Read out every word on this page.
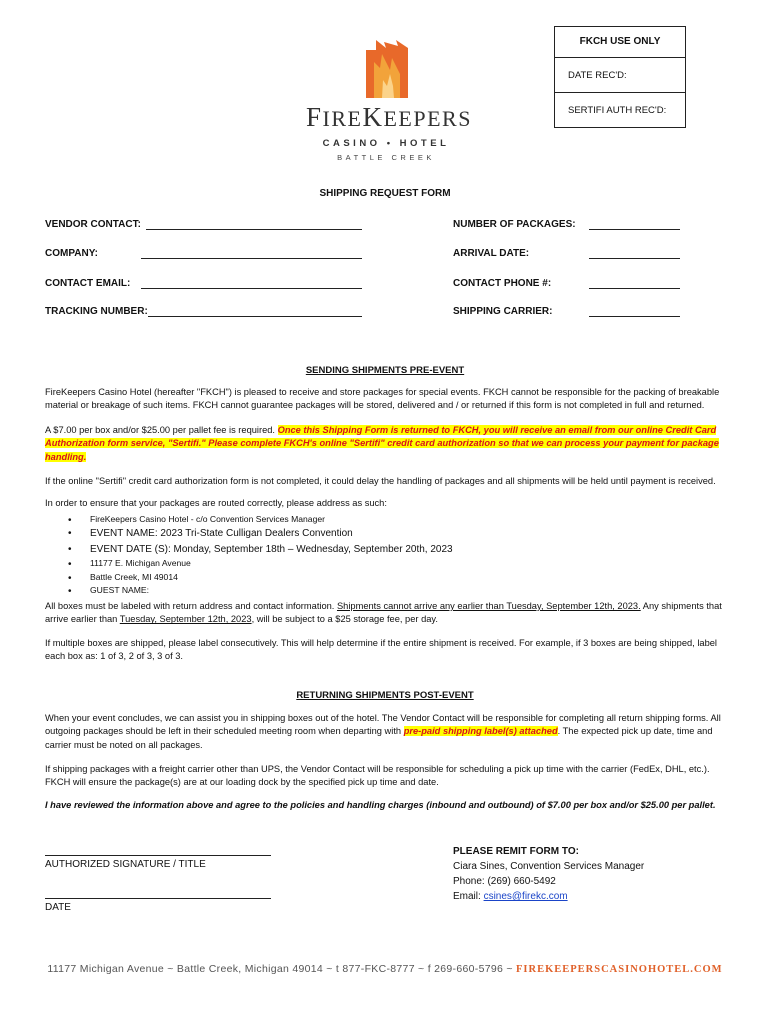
FKCH USE ONLY
DATE REC'D:
SERTIFI AUTH REC'D:
FIREKEEPERS
CASINO • HOTEL
BATTLE CREEK
SHIPPING REQUEST FORM
VENDOR CONTACT:
COMPANY:
CONTACT EMAIL:
TRACKING NUMBER:
NUMBER OF PACKAGES:
ARRIVAL DATE:
CONTACT PHONE #:
SHIPPING CARRIER:
SENDING SHIPMENTS PRE-EVENT
FireKeepers Casino Hotel (hereafter "FKCH") is pleased to receive and store packages for special events. FKCH cannot be responsible for the packing of breakable material or breakage of such items. FKCH cannot guarantee packages will be stored, delivered and / or returned if this form is not completed in full and returned.
A $7.00 per box and/or $25.00 per pallet fee is required. Once this Shipping Form is returned to FKCH, you will receive an email from our online Credit Card Authorization form service, "Sertifi." Please complete FKCH's online "Sertifi" credit card authorization so that we can process your payment for package handling.
If the online "Sertifi" credit card authorization form is not completed, it could delay the handling of packages and all shipments will be held until payment is received.
In order to ensure that your packages are routed correctly, please address as such:
• FireKeepers Casino Hotel - c/o Convention Services Manager
• EVENT NAME: 2023 Tri-State Culligan Dealers Convention
• EVENT DATE (S): Monday, September 18th – Wednesday, September 20th, 2023
• 11177 E. Michigan Avenue
• Battle Creek, MI 49014
• GUEST NAME:
All boxes must be labeled with return address and contact information. Shipments cannot arrive any earlier than Tuesday, September 12th, 2023. Any shipments that arrive earlier than Tuesday, September 12th, 2023, will be subject to a $25 storage fee, per day.
If multiple boxes are shipped, please label consecutively. This will help determine if the entire shipment is received. For example, if 3 boxes are being shipped, label each box as: 1 of 3, 2 of 3, 3 of 3.
RETURNING SHIPMENTS POST-EVENT
When your event concludes, we can assist you in shipping boxes out of the hotel. The Vendor Contact will be responsible for completing all return shipping forms. All outgoing packages should be left in their scheduled meeting room when departing with pre-paid shipping label(s) attached. The expected pick up date, time and carrier must be noted on all packages.
If shipping packages with a freight carrier other than UPS, the Vendor Contact will be responsible for scheduling a pick up time with the carrier (FedEx, DHL, etc.). FKCH will ensure the package(s) are at our loading dock by the specified pick up time and date.
I have reviewed the information above and agree to the policies and handling charges (inbound and outbound) of $7.00 per box and/or $25.00 per pallet.
AUTHORIZED SIGNATURE / TITLE
DATE
PLEASE REMIT FORM TO:
Ciara Sines, Convention Services Manager
Phone: (269) 660-5492
Email: csines@firekc.com
11177 Michigan Avenue ~ Battle Creek, Michigan 49014 ~ t 877-FKC-8777 ~ f 269-660-5796 ~ FIREKEEPERSCASINOHOTEL.COM
